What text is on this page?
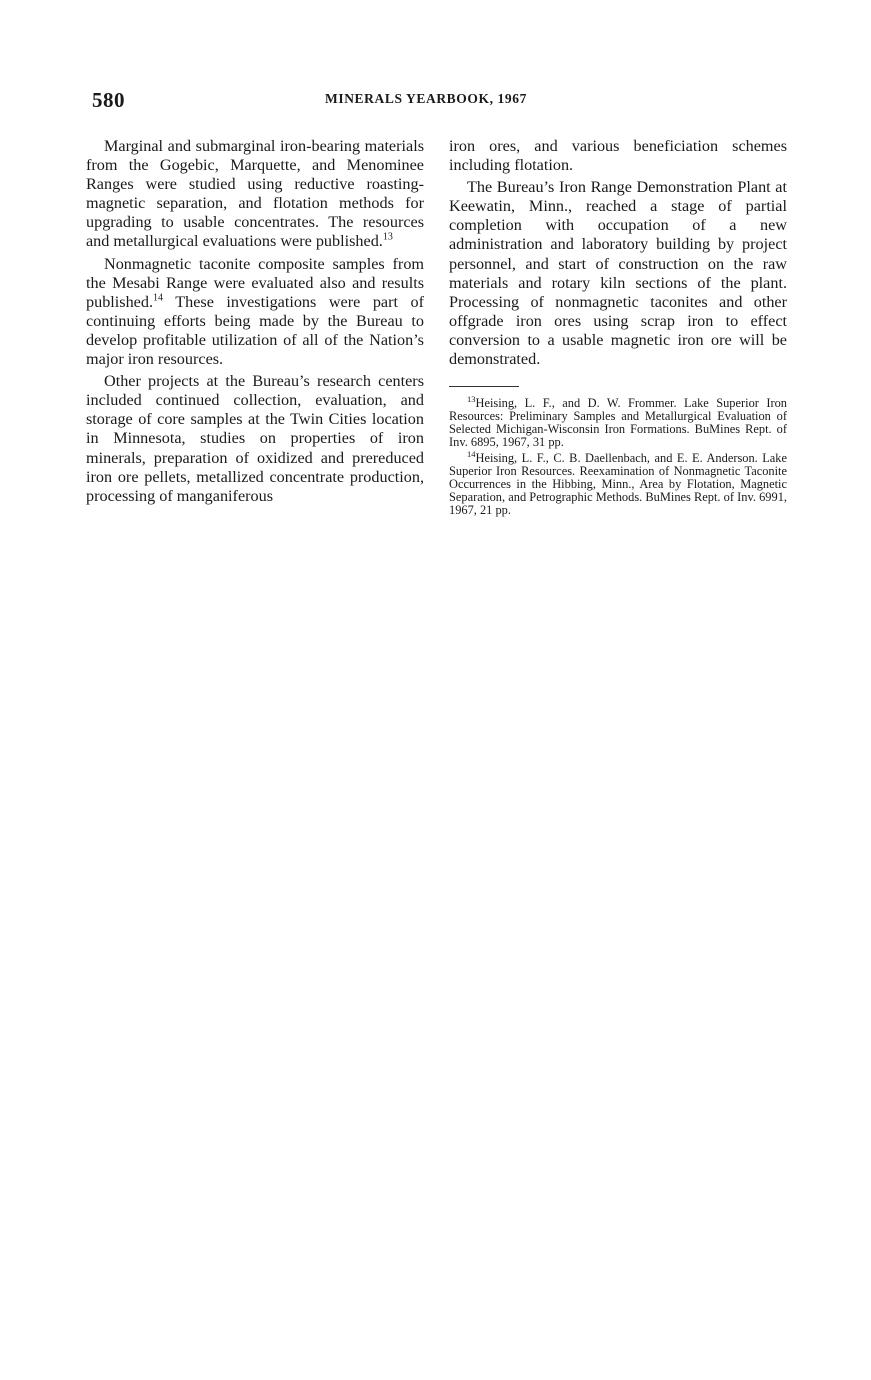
580	MINERALS YEARBOOK, 1967

Marginal and submarginal iron-bearing materials from the Gogebic, Marquette, and Menominee Ranges were studied using reductive roasting-magnetic separation, and flotation methods for upgrading to usable concentrates. The resources and metallurgical evaluations were published.$^{13}$

Nonmagnetic taconite composite samples from the Mesabi Range were evaluated also and results published.$^{14}$ These investigations were part of continuing efforts being made by the Bureau to develop profitable utilization of all of the Nation’s major iron resources.

Other projects at the Bureau’s research centers included continued collection, evaluation, and storage of core samples at the Twin Cities location in Minnesota, studies on properties of iron minerals, preparation of oxidized and prereduced iron ore pellets, metallized concentrate production, processing of manganiferous

iron ores, and various beneficiation schemes including flotation.

The Bureau’s Iron Range Demonstration Plant at Keewatin, Minn., reached a stage of partial completion with occupation of a new administration and laboratory building by project personnel, and start of construction on the raw materials and rotary kiln sections of the plant. Processing of nonmagnetic taconites and other offgrade iron ores using scrap iron to effect conversion to a usable magnetic iron ore will be demonstrated.

$^{13}$Heising, L. F., and D. W. Frommer. Lake Superior Iron Resources: Preliminary Samples and Metallurgical Evaluation of Selected Michigan-Wisconsin Iron Formations. BuMines Rept. of Inv. 6895, 1967, 31 pp.

$^{14}$Heising, L. F., C. B. Daellenbach, and E. E. Anderson. Lake Superior Iron Resources. Reexamination of Nonmagnetic Taconite Occurrences in the Hibbing, Minn., Area by Flotation, Magnetic Separation, and Petrographic Methods. BuMines Rept. of Inv. 6991, 1967, 21 pp.
